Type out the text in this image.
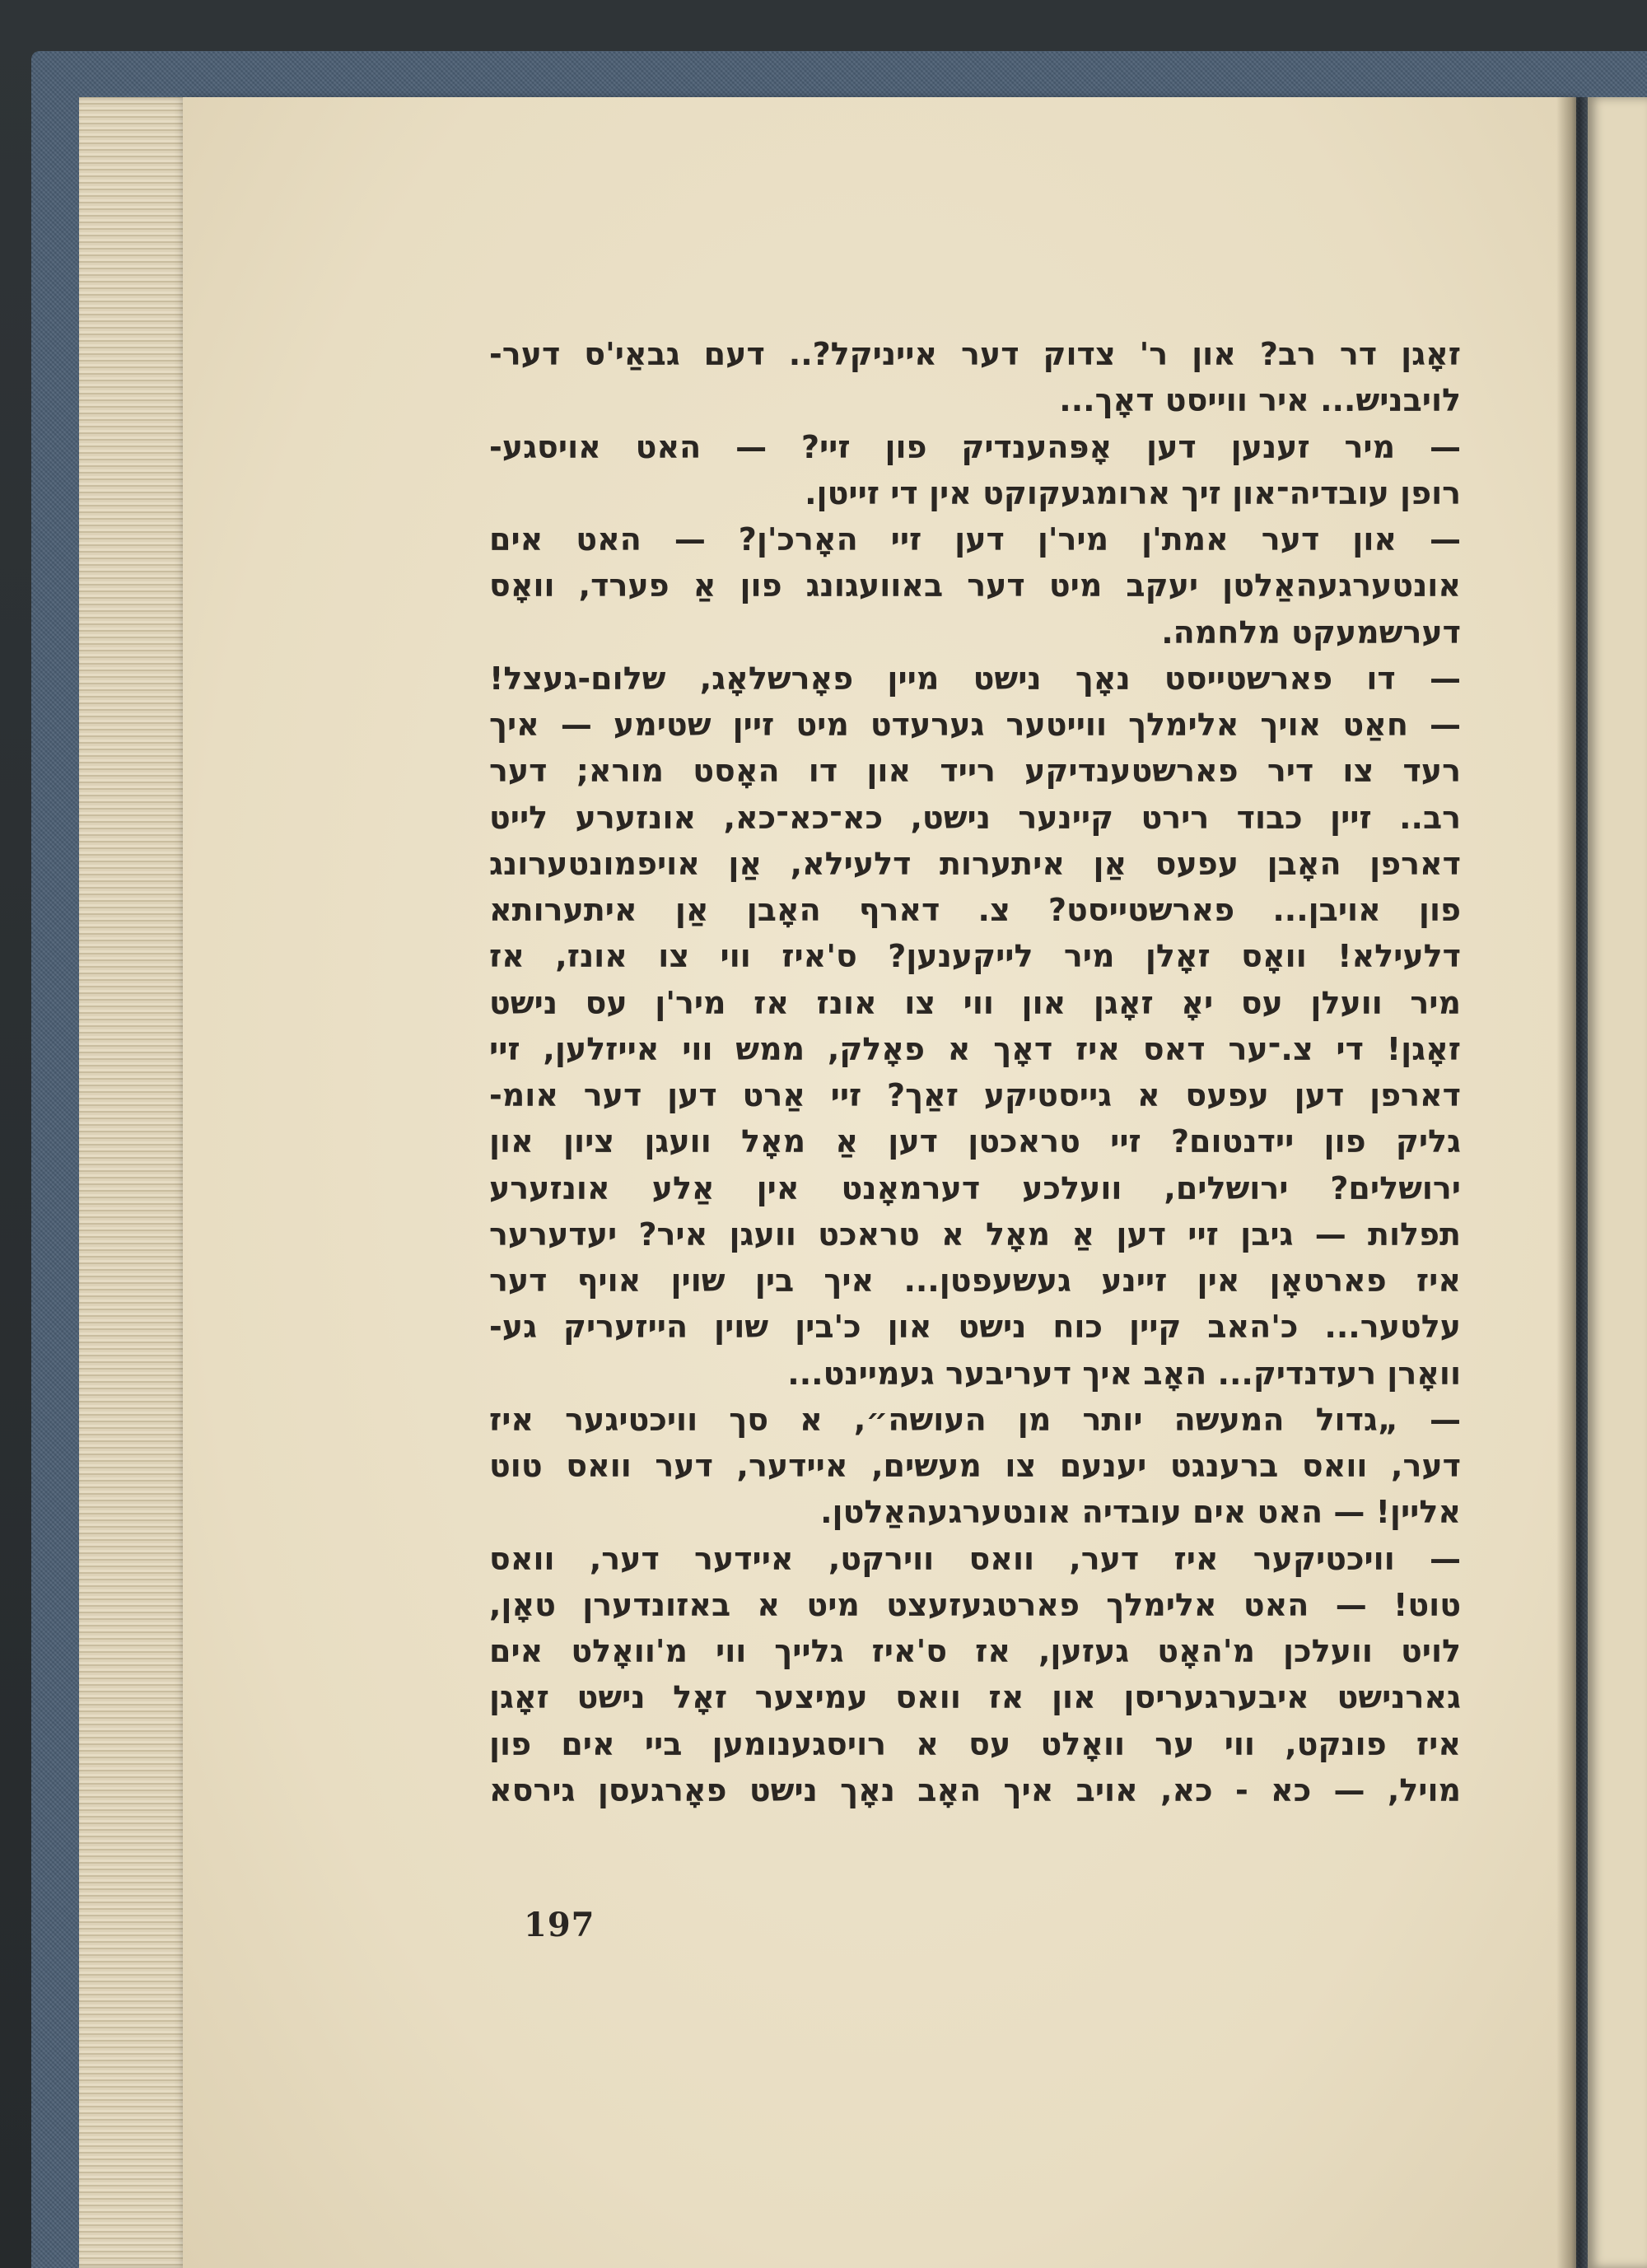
זאָגן דר רב? און ר' צדוק דער אייניקל?.. דעם גבאַי'ס דער-
לויבניש... איר ווייסט דאָך...
— מיר זענען דען אָפּהענדיק פון זיי? — האט אויסגע-
רופן עובדיה־און זיך ארומגעקוקט אין די זייטן.
— און דער אמת'ן מיר'ן דען זיי האָרכ'ן? — האט אים
אונטערגעהאַלטן יעקב מיט דער באוועגונג פון אַ פערד, וואָס
דערשמעקט מלחמה.
— דו פארשטייסט נאָך נישט מיין פאָרשלאָג, שלום-געצל!
— חאַט אויך אלימלך ווייטער גערעדט מיט זיין שטימע — איך
רעד צו דיר פארשטענדיקע רייד און דו האָסט מורא; דער
רב.. זיין כבוד רירט קיינער נישט, כא־כא־כא, אונזערע לייט
דארפן האָבן עפעס אַן איתערות דלעילא, אַן אויפמונטערונג
פון אויבן... פארשטייסט? צ. דארף האָבן אַן איתערותא
דלעילא! וואָס זאָלן מיר לייקענען? ס'איז ווי צו אונז, אז
מיר וועלן עס יאָ זאָגן און ווי צו אונז אז מיר'ן עס נישט
זאָגן! די צ.־ער דאס איז דאָך א פאָלק, ממש ווי אייזלען, זיי
דארפן דען עפעס א גייסטיקע זאַך? זיי אַרט דען דער אומ-
גליק פון יידנטום? זיי טראכטן דען אַ מאָל וועגן ציון און
ירושלים? ירושלים, וועלכע דערמאָנט אין אַלע אונזערע
תפלות — גיבן זיי דען אַ מאָל א טראכט וועגן איר? יעדערער
איז פארטאָן אין זיינע געשעפטן... איך בין שוין אויף דער
עלטער... כ'האב קיין כוח נישט און כ'בין שוין הייזעריק גע-
וואָרן רעדנדיק... האָב איך דעריבער געמיינט...
— „גדול המעשה יותר מן העושה״, א סך וויכטיגער איז
דער, וואס ברענגט יענעם צו מעשים, איידער, דער וואס טוט
אליין! — האט אים עובדיה אונטערגעהאַלטן.
— וויכטיקער איז דער, וואס ווירקט, איידער דער, וואס
טוט! — האט אלימלך פארטגעזעצט מיט א באזונדערן טאָן,
לויט וועלכן מ'האָט געזען, אז ס'איז גלייך ווי מ'וואָלט אים
גארנישט איבערגעריסן און אז וואס עמיצער זאָל נישט זאָגן
איז פונקט, ווי ער וואָלט עס א רויסגענומען ביי אים פון
מויל, — כא - כא, אויב איך האָב נאָך נישט פאָרגעסן גירסא
197
